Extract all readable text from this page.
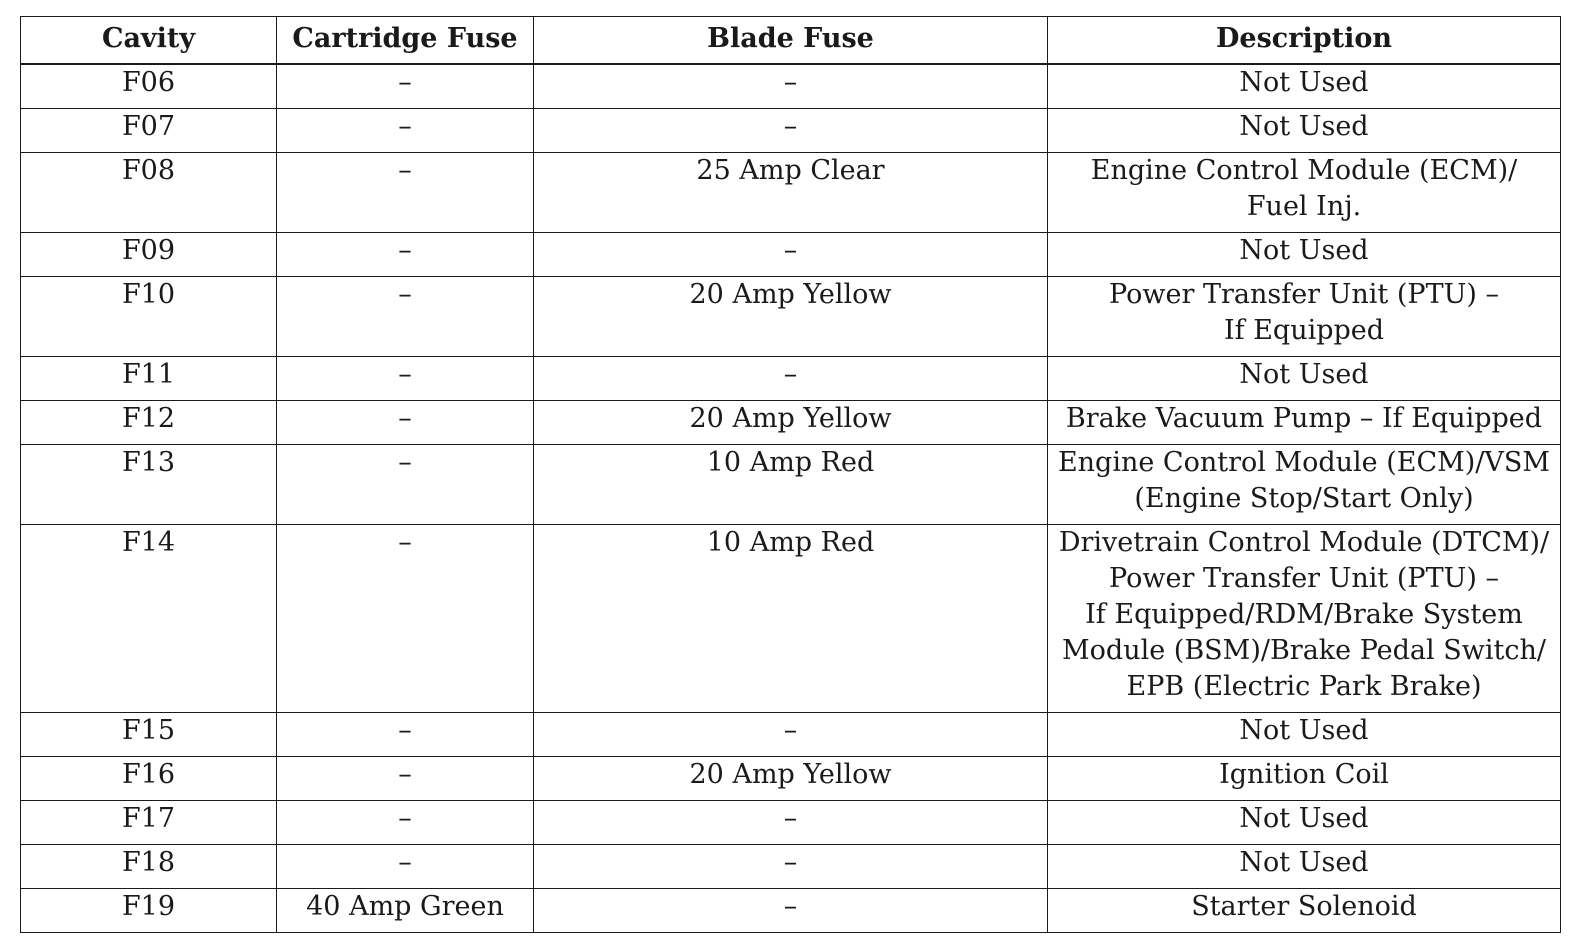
Cavity	Cartridge Fuse	Blade Fuse	Description
F06	–	–	Not Used

F07	–	–	Not Used

F08	–	25 Amp Clear	Engine Control Module (ECM)/
Fuel Inj.

F09	–	–	Not Used

F10	–	20 Amp Yellow	Power Transfer Unit (PTU) –
If Equipped

F11	–	–	Not Used

F12	–	20 Amp Yellow	Brake Vacuum Pump – If Equipped

F13	–	10 Amp Red	Engine Control Module (ECM)/VSM
(Engine Stop/Start Only)

F14	–	10 Amp Red	Drivetrain Control Module (DTCM)/
Power Transfer Unit (PTU) –
If Equipped/RDM/Brake System
Module (BSM)/Brake Pedal Switch/
EPB (Electric Park Brake)

F15	–	–	Not Used

F16	–	20 Amp Yellow	Ignition Coil

F17	–	–	Not Used

F18	–	–	Not Used

F19	40 Amp Green	–	Starter Solenoid
